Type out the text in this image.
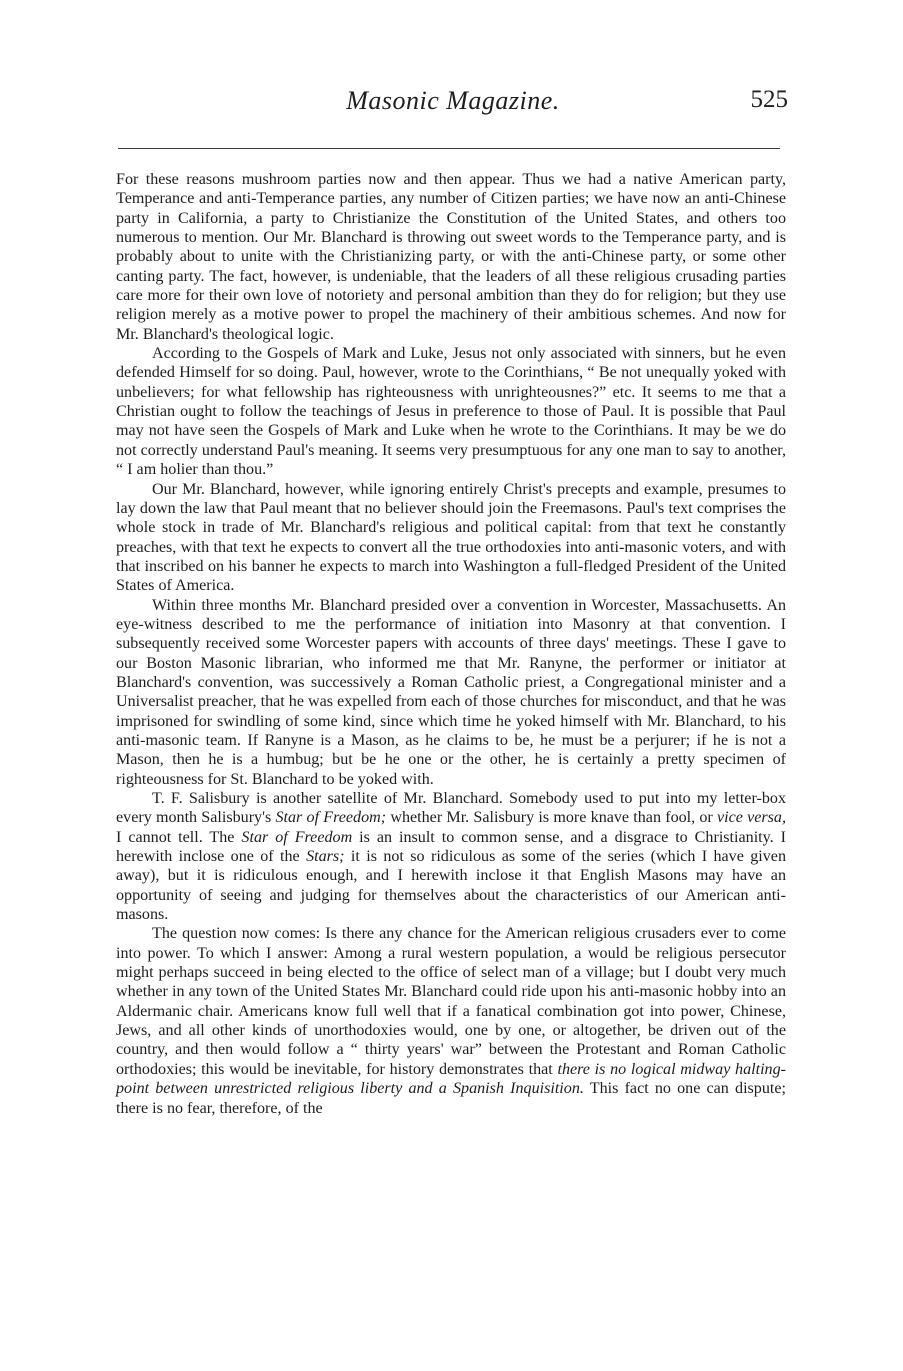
Masonic Magazine.	525

For these reasons mushroom parties now and then appear. Thus we had a native American party, Temperance and anti-Temperance parties, any number of Citizen parties; we have now an anti-Chinese party in California, a party to Christianize the Constitution of the United States, and others too numerous to mention. Our Mr. Blanchard is throwing out sweet words to the Temperance party, and is probably about to unite with the Christianizing party, or with the anti-Chinese party, or some other canting party. The fact, however, is undeniable, that the leaders of all these religious crusading parties care more for their own love of notoriety and personal ambition than they do for religion; but they use religion merely as a motive power to propel the machinery of their ambitious schemes. And now for Mr. Blanchard's theological logic.

According to the Gospels of Mark and Luke, Jesus not only associated with sinners, but he even defended Himself for so doing. Paul, however, wrote to the Corinthians, “ Be not unequally yoked with unbelievers; for what fellowship has righteousness with unrighteousnes?” etc. It seems to me that a Christian ought to follow the teachings of Jesus in preference to those of Paul. It is possible that Paul may not have seen the Gospels of Mark and Luke when he wrote to the Corinthians. It may be we do not correctly understand Paul's meaning. It seems very presumptuous for any one man to say to another, “ I am holier than thou.”

Our Mr. Blanchard, however, while ignoring entirely Christ's precepts and example, presumes to lay down the law that Paul meant that no believer should join the Freemasons. Paul's text comprises the whole stock in trade of Mr. Blanchard's religious and political capital: from that text he constantly preaches, with that text he expects to convert all the true orthodoxies into anti-masonic voters, and with that inscribed on his banner he expects to march into Washington a full-fledged President of the United States of America.

Within three months Mr. Blanchard presided over a convention in Worcester, Massachusetts. An eye-witness described to me the performance of initiation into Masonry at that convention. I subsequently received some Worcester papers with accounts of three days' meetings. These I gave to our Boston Masonic librarian, who informed me that Mr. Ranyne, the performer or initiator at Blanchard's convention, was successively a Roman Catholic priest, a Congregational minister and a Universalist preacher, that he was expelled from each of those churches for misconduct, and that he was imprisoned for swindling of some kind, since which time he yoked himself with Mr. Blanchard, to his anti-masonic team. If Ranyne is a Mason, as he claims to be, he must be a perjurer; if he is not a Mason, then he is a humbug; but be he one or the other, he is certainly a pretty specimen of righteousness for St. Blanchard to be yoked with.

T. F. Salisbury is another satellite of Mr. Blanchard. Somebody used to put into my letter-box every month Salisbury's Star of Freedom; whether Mr. Salisbury is more knave than fool, or vice versa, I cannot tell. The Star of Freedom is an insult to common sense, and a disgrace to Christianity. I herewith inclose one of the Stars; it is not so ridiculous as some of the series (which I have given away), but it is ridiculous enough, and I herewith inclose it that English Masons may have an opportunity of seeing and judging for themselves about the characteristics of our American anti-masons.

The question now comes: Is there any chance for the American religious crusaders ever to come into power. To which I answer: Among a rural western population, a would be religious persecutor might perhaps succeed in being elected to the office of select man of a village; but I doubt very much whether in any town of the United States Mr. Blanchard could ride upon his anti-masonic hobby into an Aldermanic chair. Americans know full well that if a fanatical combination got into power, Chinese, Jews, and all other kinds of unorthodoxies would, one by one, or altogether, be driven out of the country, and then would follow a “ thirty years' war” between the Protestant and Roman Catholic orthodoxies; this would be inevitable, for history demonstrates that there is no logical midway halting-point between unrestricted religious liberty and a Spanish Inquisition. This fact no one can dispute; there is no fear, therefore, of the
